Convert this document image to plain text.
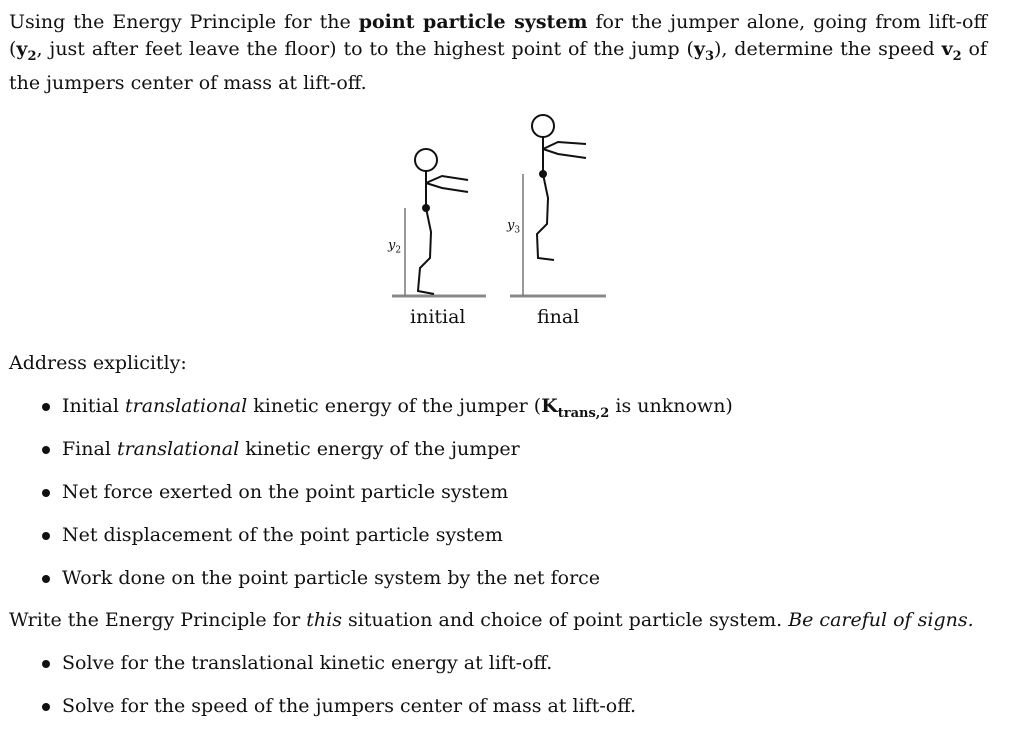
Using the Energy Principle for the point particle system for the jumper alone, going from lift-off ($y_2$, just after feet leave the floor) to to the highest point of the jump $(y_3)$, determine the speed $v_2$ of the jumpers center of mass at lift-off.
$y_2$
$y_3$
initial	final
Address explicitly:
Initial translational kinetic energy of the jumper ($K_{trans,2}$ is unknown)
Final translational kinetic energy of the jumper
Net force exerted on the point particle system
Net displacement of the point particle system
Work done on the point particle system by the net force
Write the Energy Principle for this situation and choice of point particle system. Be careful of signs.
Solve for the translational kinetic energy at lift-off.
Solve for the speed of the jumpers center of mass at lift-off.
